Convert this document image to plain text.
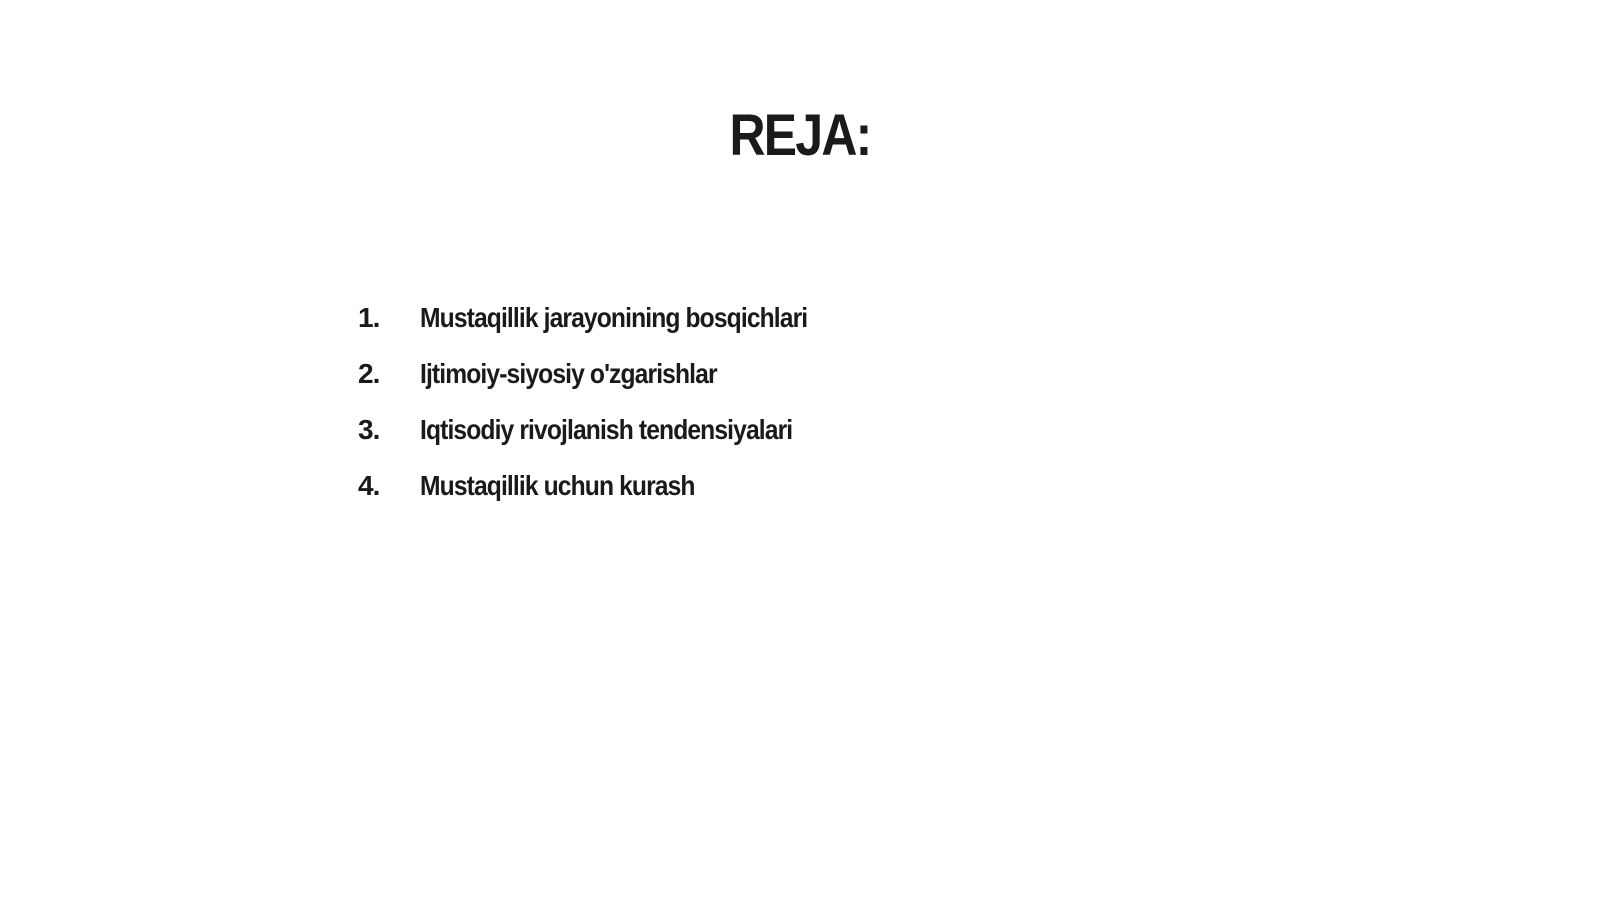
REJA:
1.	Mustaqillik jarayonining bosqichlari
2.	Ijtimoiy-siyosiy o'zgarishlar
3.	Iqtisodiy rivojlanish tendensiyalari
4.	Mustaqillik uchun kurash
